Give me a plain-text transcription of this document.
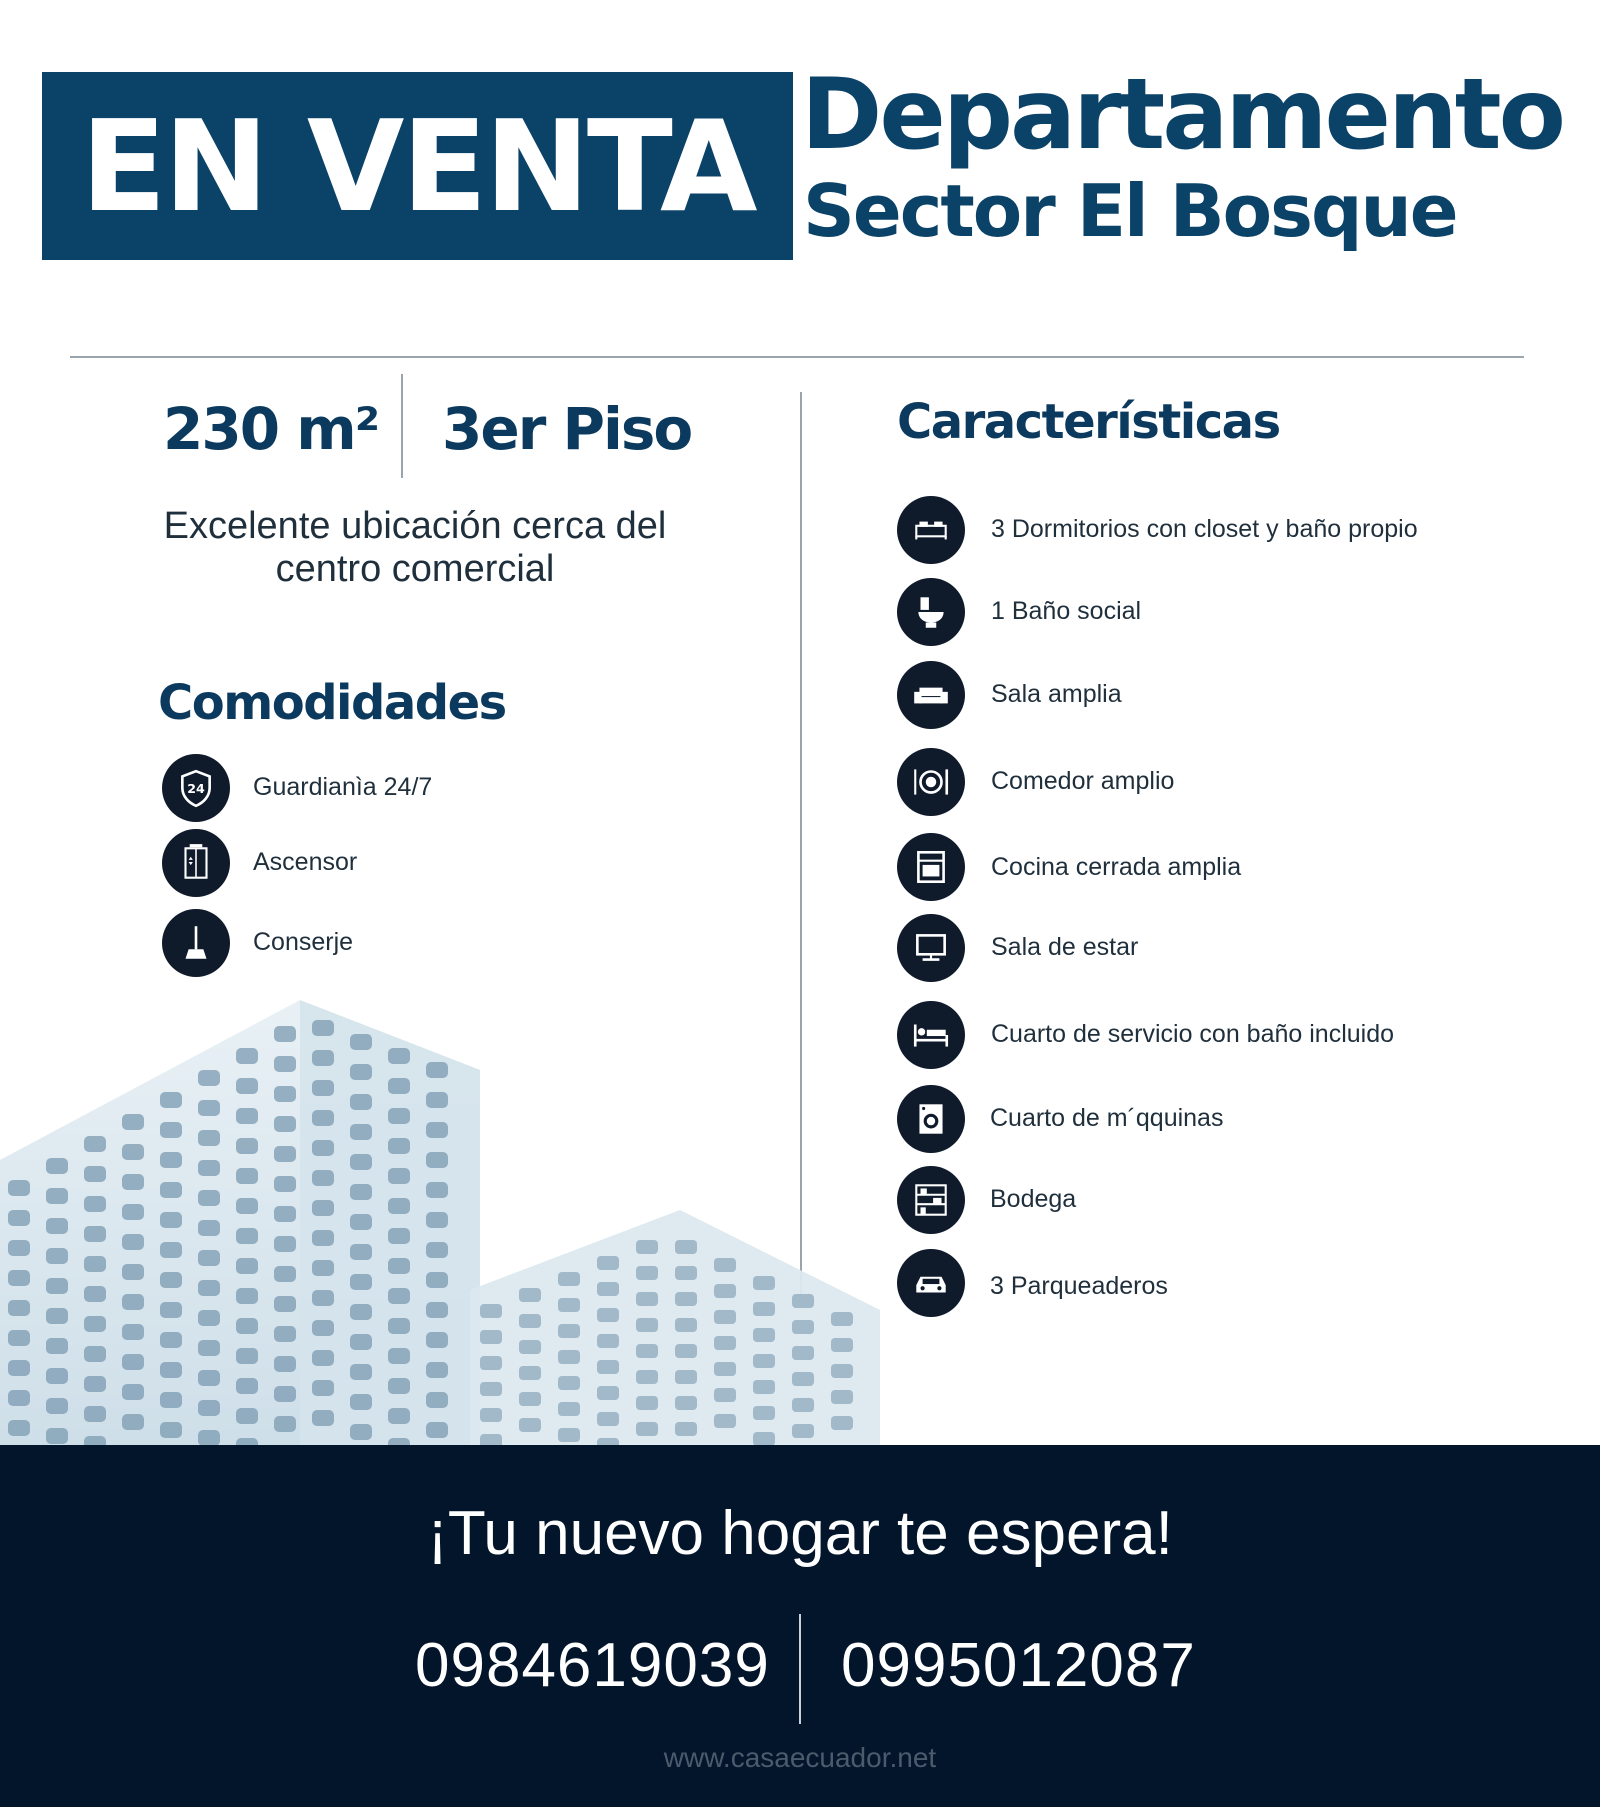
EN VENTA Departamento
Sector El Bosque
230 m² 3er Piso
Excelente ubicación cerca del centro comercial
Comodidades
24 Guardianìa 24/7
Ascensor
Conserje
Características
3 Dormitorios con closet y baño propio
1 Baño social
Sala amplia
Comedor amplio
Cocina cerrada amplia
Sala de estar
Cuarto de servicio con baño incluido
Cuarto de m´qquinas
Bodega
3 Parqueaderos
¡Tu nuevo hogar te espera!
0984619039 0995012087
www.casaecuador.net
